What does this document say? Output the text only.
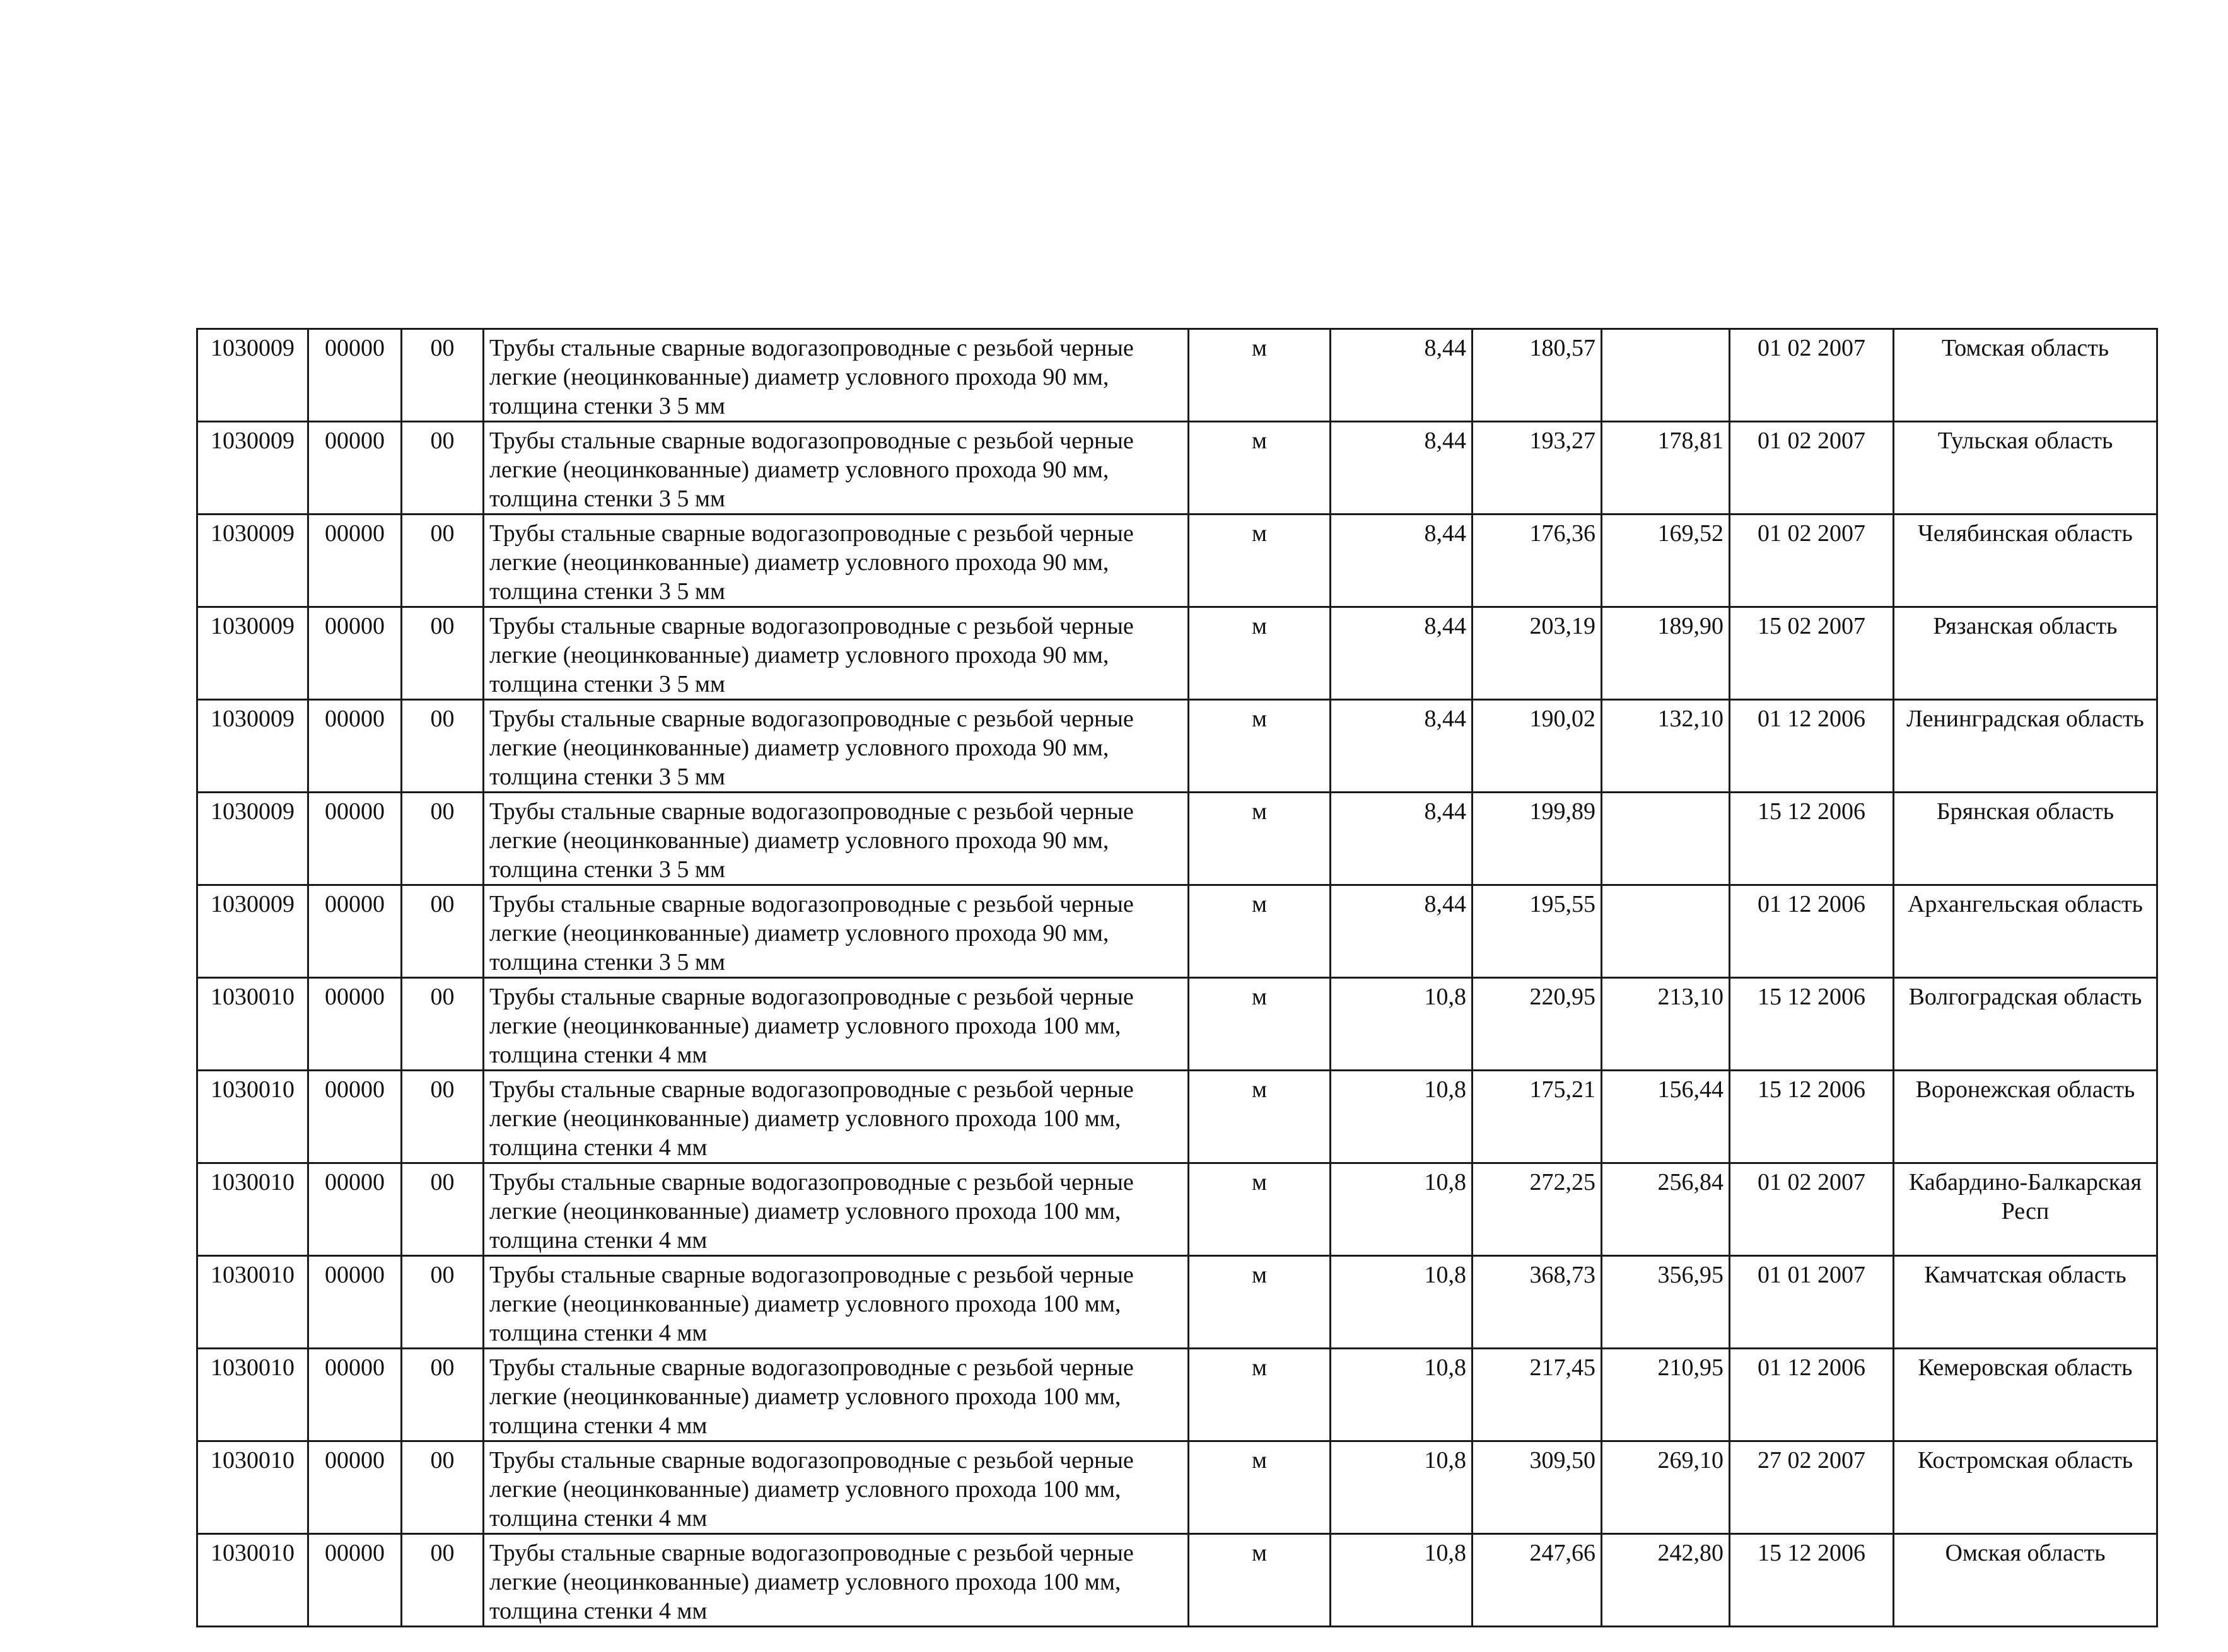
1030009	00000	00	Трубы стальные сварные водогазопроводные с резьбой черные легкие (неоцинкованные) диаметр условного прохода 90 мм, толщина стенки 3 5 мм	м	8,44	180,57		01 02 2007	Томская область
1030009	00000	00	Трубы стальные сварные водогазопроводные с резьбой черные легкие (неоцинкованные) диаметр условного прохода 90 мм, толщина стенки 3 5 мм	м	8,44	193,27	178,81	01 02 2007	Тульская область
1030009	00000	00	Трубы стальные сварные водогазопроводные с резьбой черные легкие (неоцинкованные) диаметр условного прохода 90 мм, толщина стенки 3 5 мм	м	8,44	176,36	169,52	01 02 2007	Челябинская область
1030009	00000	00	Трубы стальные сварные водогазопроводные с резьбой черные легкие (неоцинкованные) диаметр условного прохода 90 мм, толщина стенки 3 5 мм	м	8,44	203,19	189,90	15 02 2007	Рязанская область
1030009	00000	00	Трубы стальные сварные водогазопроводные с резьбой черные легкие (неоцинкованные) диаметр условного прохода 90 мм, толщина стенки 3 5 мм	м	8,44	190,02	132,10	01 12 2006	Ленинградская область
1030009	00000	00	Трубы стальные сварные водогазопроводные с резьбой черные легкие (неоцинкованные) диаметр условного прохода 90 мм, толщина стенки 3 5 мм	м	8,44	199,89		15 12 2006	Брянская область
1030009	00000	00	Трубы стальные сварные водогазопроводные с резьбой черные легкие (неоцинкованные) диаметр условного прохода 90 мм, толщина стенки 3 5 мм	м	8,44	195,55		01 12 2006	Архангельская область
1030010	00000	00	Трубы стальные сварные водогазопроводные с резьбой черные легкие (неоцинкованные) диаметр условного прохода 100 мм, толщина стенки 4 мм	м	10,8	220,95	213,10	15 12 2006	Волгоградская область
1030010	00000	00	Трубы стальные сварные водогазопроводные с резьбой черные легкие (неоцинкованные) диаметр условного прохода 100 мм, толщина стенки 4 мм	м	10,8	175,21	156,44	15 12 2006	Воронежская область
1030010	00000	00	Трубы стальные сварные водогазопроводные с резьбой черные легкие (неоцинкованные) диаметр условного прохода 100 мм, толщина стенки 4 мм	м	10,8	272,25	256,84	01 02 2007	Кабардино-Балкарская Респ
1030010	00000	00	Трубы стальные сварные водогазопроводные с резьбой черные легкие (неоцинкованные) диаметр условного прохода 100 мм, толщина стенки 4 мм	м	10,8	368,73	356,95	01 01 2007	Камчатская область
1030010	00000	00	Трубы стальные сварные водогазопроводные с резьбой черные легкие (неоцинкованные) диаметр условного прохода 100 мм, толщина стенки 4 мм	м	10,8	217,45	210,95	01 12 2006	Кемеровская область
1030010	00000	00	Трубы стальные сварные водогазопроводные с резьбой черные легкие (неоцинкованные) диаметр условного прохода 100 мм, толщина стенки 4 мм	м	10,8	309,50	269,10	27 02 2007	Костромская область
1030010	00000	00	Трубы стальные сварные водогазопроводные с резьбой черные легкие (неоцинкованные) диаметр условного прохода 100 мм, толщина стенки 4 мм	м	10,8	247,66	242,80	15 12 2006	Омская область
